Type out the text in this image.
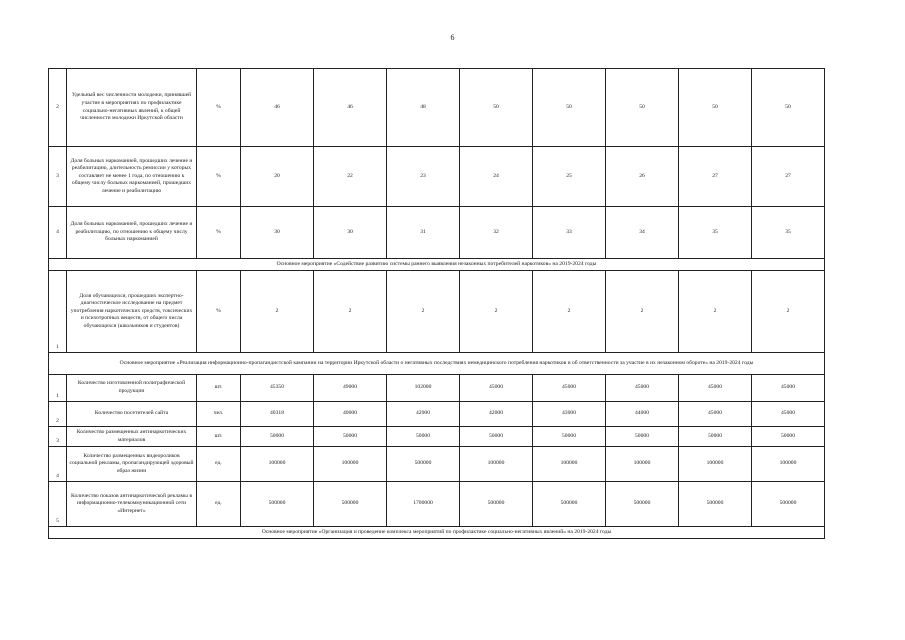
6
2	Удельный вес численности молодежи, принявшей участие в мероприятиях по профилактике социально-негативных явлений, к общей численности молодежи Иркутской области	%	46	46	48	50	50	50	50	50
3	Доля больных наркоманией, прошедших лечение и реабилитацию, длительность ремиссии у которых составляет не менее 1 года, по отношению к общему числу больных наркоманией, прошедших лечение и реабилитацию	%	20	22	23	24	25	26	27	27
4	Доля больных наркоманией, прошедших лечение и реабилитацию, по отношению к общему числу больных наркоманией	%	30	30	31	32	33	34	35	35
Основное мероприятие «Содействие развитию системы раннего выявления незаконных потребителей наркотиков» на 2019-2024 годы										
1	Доля обучающихся, прошедших экспертно-диагностическое исследование на предмет употребления наркотических средств, токсических и психотропных веществ, от общего числа обучающихся (школьников и студентов)	%	2	2	2	2	2	2	2	2
Основное мероприятие «Реализация информационно-пропагандистской кампании на территории Иркутской области о негативных последствиях немедицинского потребления наркотиков и об ответственности за участие в их незаконном обороте» на 2019-2024 годы										
1	Количество изготовленной полиграфической продукции	шт.	45350	49000	102000	45000	45000	45000	45000	45000
2	Количество посетителей сайта	чел.	40318	40000	42000	42000	43000	44000	45000	45000
3	Количество размещенных антинаркотических материалов	шт.	50000	50000	50000	50000	50000	50000	50000	50000
4	Количество размещенных видеороликов социальной рекламы, пропагандирующей здоровый образ жизни	ед.	100000	100000	500000	100000	100000	100000	100000	100000
5	Количество показов антинаркотической рекламы в информационно-телекоммуникационной сети «Интернет»	ед.	500000	500000	1700000	500000	500000	500000	500000	500000
Основное мероприятие «Организация и проведение комплекса мероприятий по профилактике социально-негативных явлений» на 2019-2024 годы										
